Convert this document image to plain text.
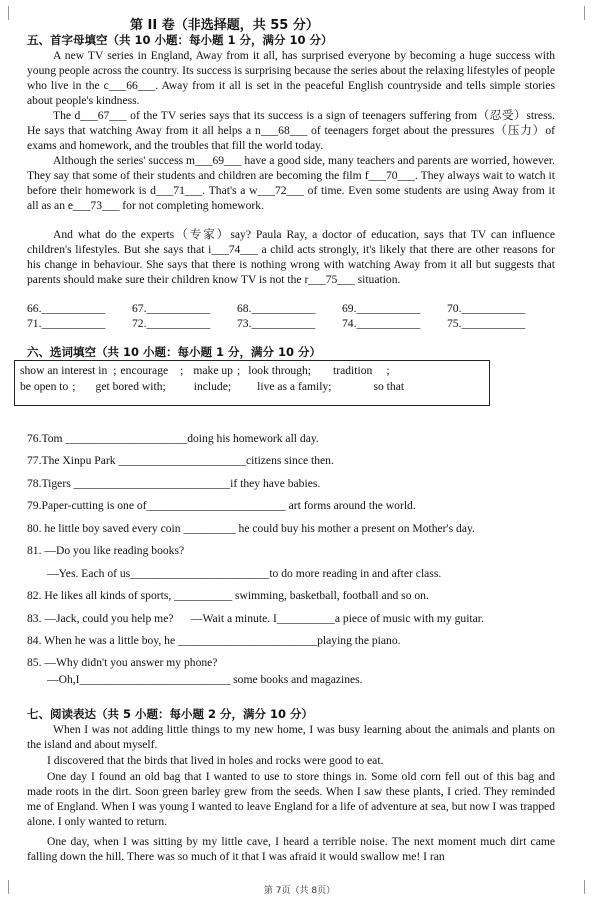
第 II 卷（非选择题，共 55 分）
五、首字母填空（共 10 小题：每小题 1 分，满分 10 分）

A new TV series in England, Away from it all, has surprised everyone by becoming a huge success with young people across the country. Its success is surprising because the series about the relaxing lifestyles of people who live in the c___66___. Away from it all is set in the peaceful English countryside and tells simple stories about people's kindness.

The d___67___ of the TV series says that its success is a sign of teenagers suffering from（忍受）stress. He says that watching Away from it all helps a n___68___ of teenagers forget about the pressures（压力）of exams and homework, and the troubles that fill the world today.

Although the series' success m___69___ have a good side, many teachers and parents are worried, however. They say that some of their students and children are becoming the film f___70___. They always wait to watch it before their homework is d___71___. That's a w___72___ of time. Even some students are using Away from it all as an e___73___ for not completing homework.

And what do the experts（专家）say? Paula Ray, a doctor of education, says that TV can influence children's lifestyles. But she says that i___74___ a child acts strongly, it's likely that there are other reasons for his change in behaviour. She says that there is nothing wrong with watching Away from it all but suggests that parents should make sure their children know TV is not the r___75___ situation.

66.___________	67.___________	68.___________	69.___________	70.___________
71.___________	72.___________	73.___________	74.___________	75.___________
六、选词填空（共 10 小题：每小题 1 分，满分 10 分）
show an interest in ; encourage ; make up ; look through; tradition ;
be open to ; get bored with; include; live as a family;	so that
76.Tom _____________________doing his homework all day.
77.The Xinpu Park ______________________citizens since then.
78.Tigers ___________________________if they have babies.
79.Paper-cutting is one of________________________ art forms around the world.
80. he little boy saved every coin _________ he could buy his mother a present on Mother's day.
81. —Do you like reading books?
—Yes. Each of us________________________to do more reading in and after class.
82. He likes all kinds of sports, __________ swimming, basketball, football and so on.
83. —Jack, could you help me?      —Wait a minute. I__________a piece of music with my guitar.
84. When he was a little boy, he ________________________playing the piano.
85. —Why didn't you answer my phone?
—Oh,I__________________________ some books and magazines.
七、阅读表达（共 5 小题：每小题 2 分，满分 10 分）

When I was not adding little things to my new home, I was busy learning about the animals and plants on the island and about myself.

I discovered that the birds that lived in holes and rocks were good to eat.

One day I found an old bag that I wanted to use to store things in. Some old corn fell out of this bag and made roots in the dirt. Soon green barley grew from the seeds. When I saw these plants, I cried. They reminded me of England. When I was young I wanted to leave England for a life of adventure at sea, but now I was trapped alone. I only wanted to return.

One day, when I was sitting by my little cave, I heard a terrible noise. The next moment much dirt came falling down the hill. There was so much of it that I was afraid it would swallow me! I ran

第 7页（共 8页）
